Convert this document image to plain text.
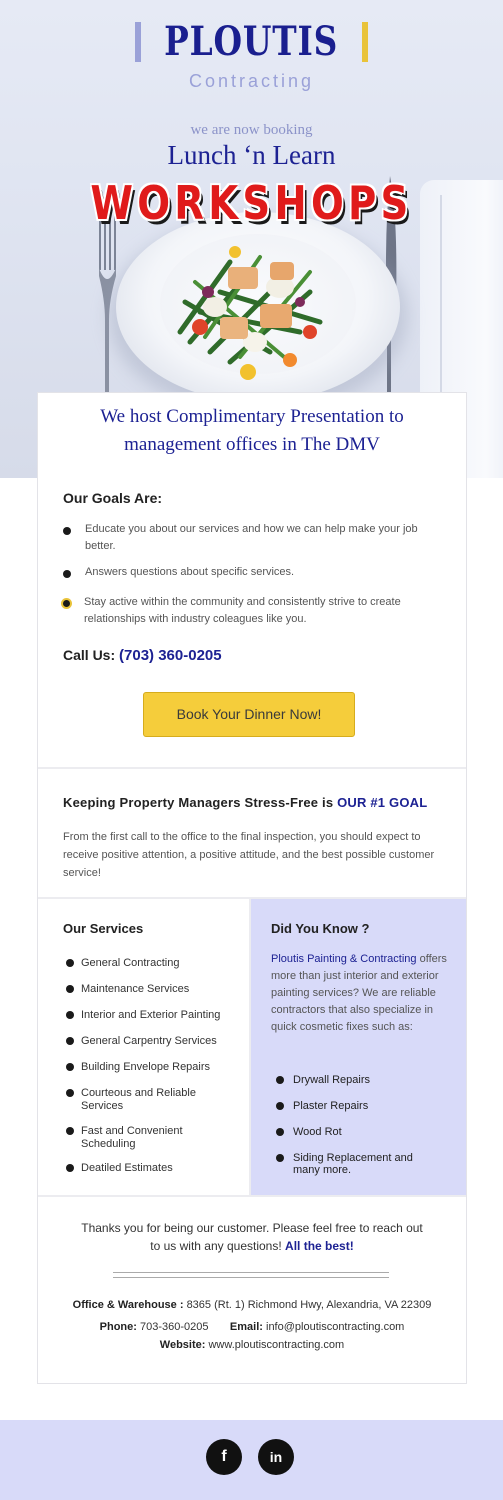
PLOUTIS
Contracting
we are now booking
Lunch ‘n Learn
WORKSHOPS
We host Complimentary Presentation to
management offices in The DMV
Our Goals Are:
Educate you about our services and how we can help make your job better.
Answers questions about specific services.
Stay active within the community and consistently strive to create relationships with industry coleagues like you.
Call Us: (703) 360-0205
Book Your Dinner Now!
Keeping Property Managers Stress-Free is OUR #1 GOAL
From the first call to the office to the final inspection, you should expect to receive positive attention, a positive attitude, and the best possible customer service!
Our Services
General Contracting
Maintenance Services
Interior and Exterior Painting
General Carpentry Services
Building Envelope Repairs
Courteous and Reliable Services
Fast and Convenient Scheduling
Deatiled Estimates
Did You Know ?
Ploutis Painting & Contracting offers more than just interior and exterior painting services? We are reliable contractors that also specialize in quick cosmetic fixes such as:
Drywall Repairs
Plaster Repairs
Wood Rot
Siding Replacement and many more.
Thanks you for being our customer. Please feel free to reach out to us with any questions! All the best!
Office & Warehouse : 8365 (Rt. 1) Richmond Hwy, Alexandria, VA 22309
Phone: 703-360-0205 Email: info@ploutiscontracting.com
Website: www.ploutiscontracting.com
f	in
